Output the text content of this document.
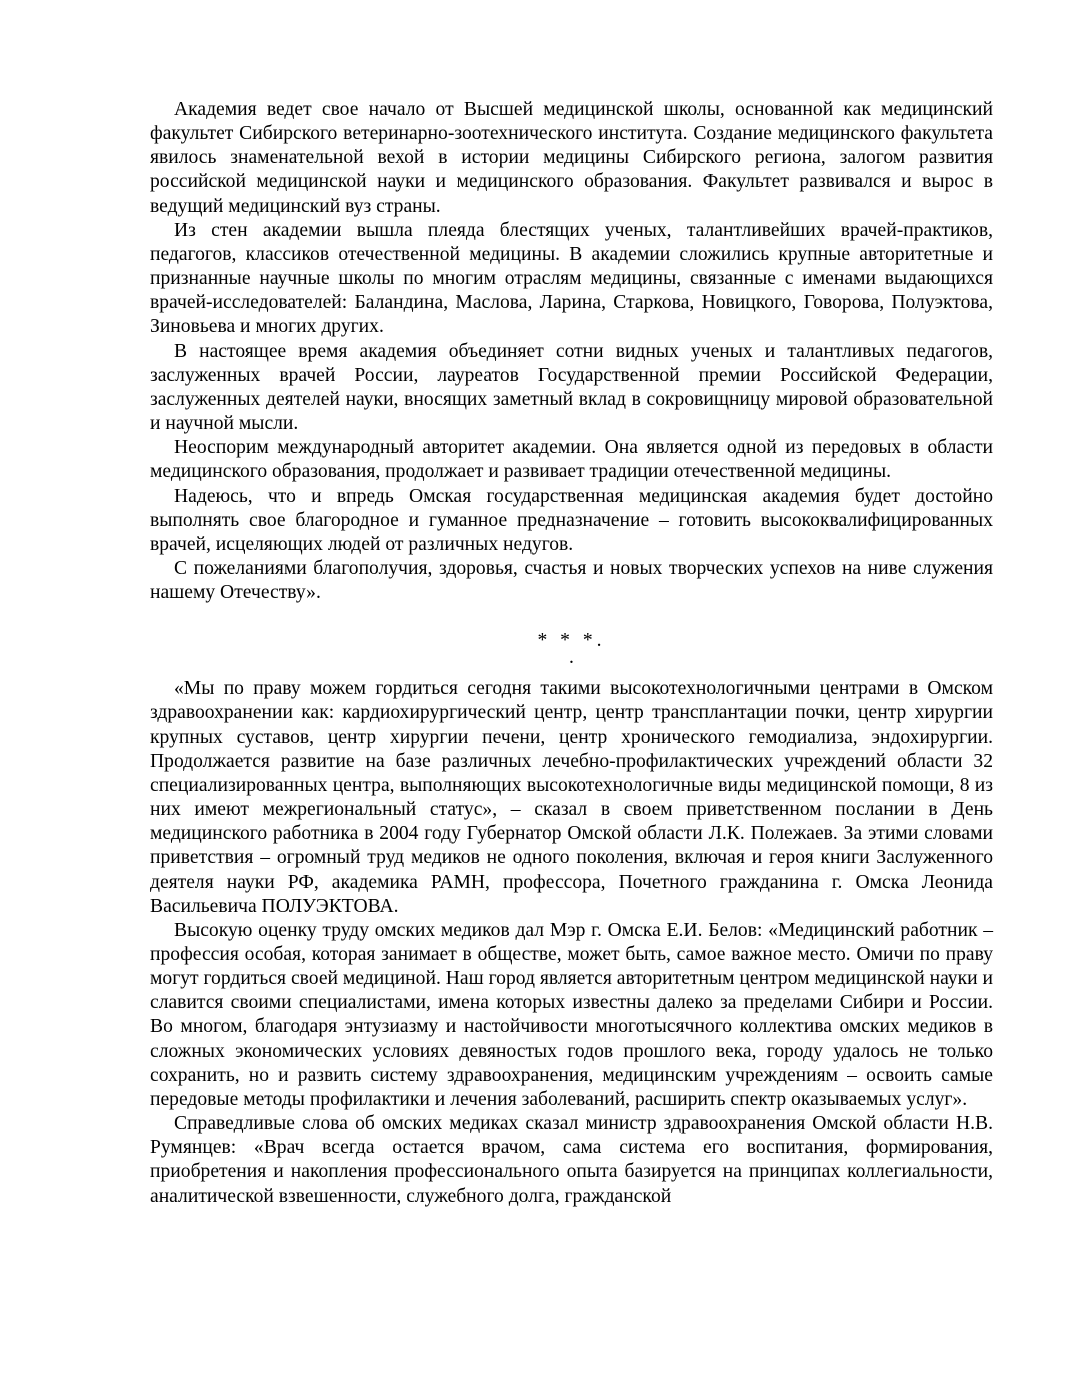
Академия ведет свое начало от Высшей медицинской школы, основанной как медицинский факультет Сибирского ветеринарно-зоотехнического института. Создание медицинского факультета явилось знаменательной вехой в истории медицины Сибирского региона, залогом развития российской медицинской науки и медицинского образования. Факультет развивался и вырос в ведущий медицинский вуз страны.

Из стен академии вышла плеяда блестящих ученых, талантливейших врачей-практиков, педагогов, классиков отечественной медицины. В академии сложились крупные авторитетные и признанные научные школы по многим отраслям медицины, связанные с именами выдающихся врачей-исследователей: Баландина, Маслова, Ларина, Старкова, Новицкого, Говорова, Полуэктова, Зиновьева и многих других.

В настоящее время академия объединяет сотни видных ученых и талантливых педагогов, заслуженных врачей России, лауреатов Государственной премии Российской Федерации, заслуженных деятелей науки, вносящих заметный вклад в сокровищницу мировой образовательной и научной мысли.

Неоспорим международный авторитет академии. Она является одной из передовых в области медицинского образования, продолжает и развивает традиции отечественной медицины.

Надеюсь, что и впредь Омская государственная медицинская академия будет достойно выполнять свое благородное и гуманное предназначение – готовить высококвалифицированных врачей, исцеляющих людей от различных недугов.

С пожеланиями благополучия, здоровья, счастья и новых творческих успехов на ниве служения нашему Отечеству».

* * *.
.

«Мы по праву можем гордиться сегодня такими высокотехнологичными центрами в Омском здравоохранении как: кардиохирургический центр, центр трансплантации почки, центр хирургии крупных суставов, центр хирургии печени, центр хронического гемодиализа, эндохирургии. Продолжается развитие на базе различных лечебно-профилактических учреждений области 32 специализированных центра, выполняющих высокотехнологичные виды медицинской помощи, 8 из них имеют межрегиональный статус», – сказал в своем приветственном послании в День медицинского работника в 2004 году Губернатор Омской области Л.К. Полежаев. За этими словами приветствия – огромный труд медиков не одного поколения, включая и героя книги Заслуженного деятеля науки РФ, академика РАМН, профессора, Почетного гражданина г. Омска Леонида Васильевича ПОЛУЭКТОВА.

Высокую оценку труду омских медиков дал Мэр г. Омска Е.И. Белов: «Медицинский работник – профессия особая, которая занимает в обществе, может быть, самое важное место. Омичи по праву могут гордиться своей медициной. Наш город является авторитетным центром медицинской науки и славится своими специалистами, имена которых известны далеко за пределами Сибири и России. Во многом, благодаря энтузиазму и настойчивости многотысячного коллектива омских медиков в сложных экономических условиях девяностых годов прошлого века, городу удалось не только сохранить, но и развить систему здравоохранения, медицинским учреждениям – освоить самые передовые методы профилактики и лечения заболеваний, расширить спектр оказываемых услуг».

Справедливые слова об омских медиках сказал министр здравоохранения Омской области Н.В. Румянцев: «Врач всегда остается врачом, сама система его воспитания, формирования, приобретения и накопления профессионального опыта базируется на принципах коллегиальности, аналитической взвешенности, служебного долга, гражданской
